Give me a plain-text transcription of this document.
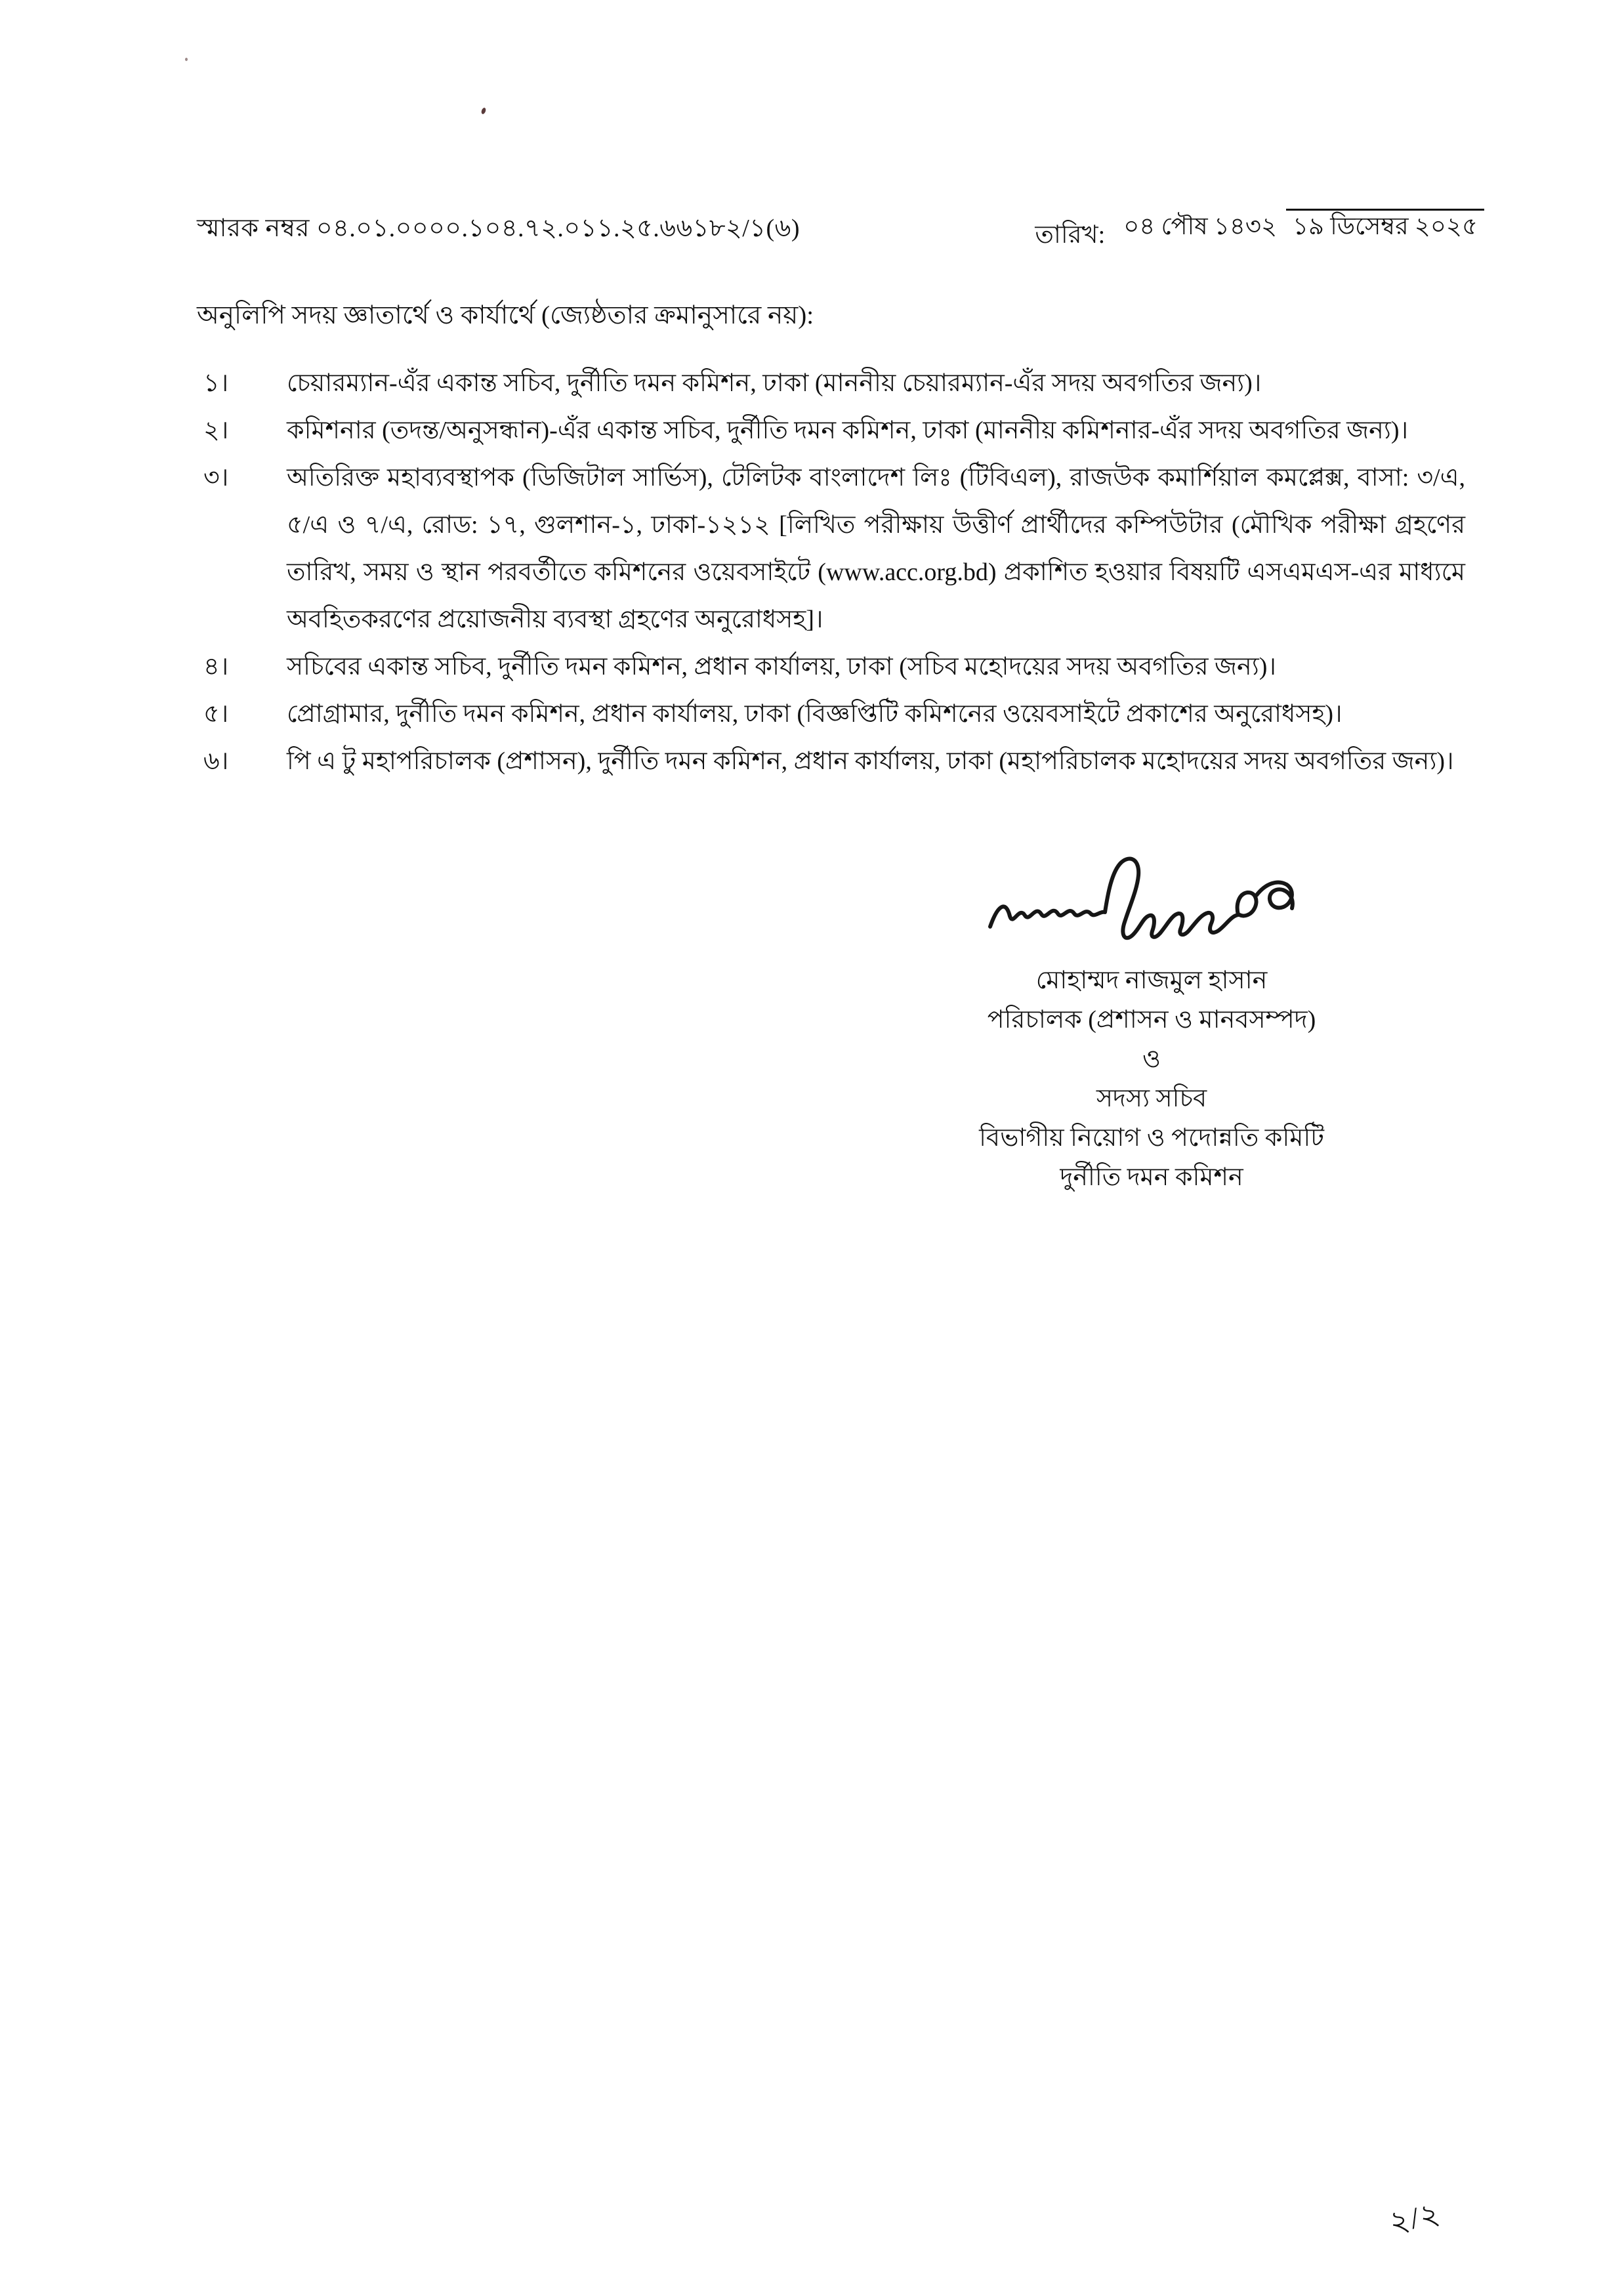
স্মারক নম্বর ০৪.০১.০০০০.১০৪.৭২.০১১.২৫.৬৬১৮২/১(৬)	তারিখ: ০৪ পৌষ ১৪৩২ ১৯ ডিসেম্বর ২০২৫
অনুলিপি সদয় জ্ঞাতার্থে ও কার্যার্থে (জ্যেষ্ঠতার ক্রমানুসারে নয়):
১।	চেয়ারম্যান-এঁর একান্ত সচিব, দুর্নীতি দমন কমিশন, ঢাকা (মাননীয় চেয়ারম্যান-এঁর সদয় অবগতির জন্য)।
২।	কমিশনার (তদন্ত/অনুসন্ধান)-এঁর একান্ত সচিব, দুর্নীতি দমন কমিশন, ঢাকা (মাননীয় কমিশনার-এঁর সদয় অবগতির জন্য)।
৩।	অতিরিক্ত মহাব্যবস্থাপক (ডিজিটাল সার্ভিস), টেলিটক বাংলাদেশ লিঃ (টিবিএল), রাজউক কমার্শিয়াল কমপ্লেক্স, বাসা: ৩/এ, ৫/এ ও ৭/এ, রোড: ১৭, গুলশান-১, ঢাকা-১২১২ [লিখিত পরীক্ষায় উত্তীর্ণ প্রার্থীদের কম্পিউটার (মৌখিক পরীক্ষা গ্রহণের তারিখ, সময় ও স্থান পরবর্তীতে কমিশনের ওয়েবসাইটে (www.acc.org.bd) প্রকাশিত হওয়ার বিষয়টি এসএমএস-এর মাধ্যমে অবহিতকরণের প্রয়োজনীয় ব্যবস্থা গ্রহণের অনুরোধসহ]।
৪।	সচিবের একান্ত সচিব, দুর্নীতি দমন কমিশন, প্রধান কার্যালয়, ঢাকা (সচিব মহোদয়ের সদয় অবগতির জন্য)।
৫।	প্রোগ্রামার, দুর্নীতি দমন কমিশন, প্রধান কার্যালয়, ঢাকা (বিজ্ঞপ্তিটি কমিশনের ওয়েবসাইটে প্রকাশের অনুরোধসহ)।
৬।	পি এ টু মহাপরিচালক (প্রশাসন), দুর্নীতি দমন কমিশন, প্রধান কার্যালয়, ঢাকা (মহাপরিচালক মহোদয়ের সদয় অবগতির জন্য)।
মোহাম্মদ নাজমুল হাসান
পরিচালক (প্রশাসন ও মানবসম্পদ)
ও
সদস্য সচিব
বিভাগীয় নিয়োগ ও পদোন্নতি কমিটি
দুর্নীতি দমন কমিশন
২/২
